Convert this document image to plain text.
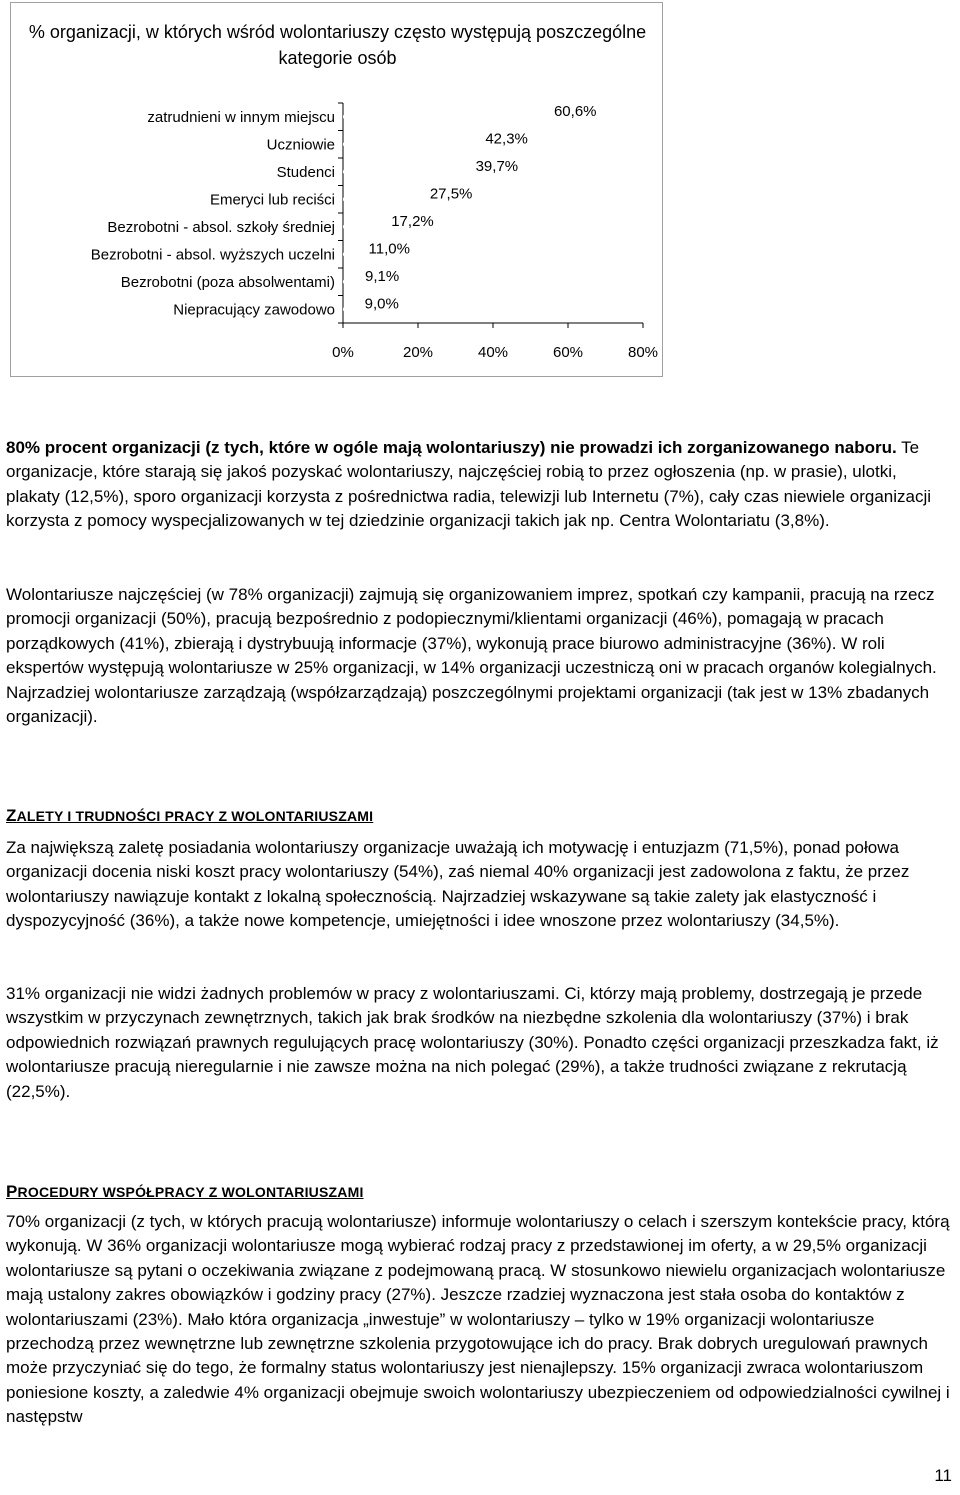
% organizacji, w których wśród wolontariuszy często występują poszczególne kategorie osób
0%	20%	40%	60%	80%
zatrudnieni w innym miejscu	60,6%
Uczniowie	42,3%
Studenci	39,7%
Emeryci lub reciści	27,5%
Bezrobotni - absol. szkoły średniej	17,2%
Bezrobotni - absol. wyższych uczelni 11,0%
Bezrobotni (poza absolwentami) 9,1%
Niepracujący zawodowo 9,0%

80% procent organizacji (z tych, które w ogóle mają wolontariuszy) nie prowadzi ich zorganizowanego naboru. Te organizacje, które starają się jakoś pozyskać wolontariuszy, najczęściej robią to przez ogłoszenia (np. w prasie), ulotki, plakaty (12,5%), sporo organizacji korzysta z pośrednictwa radia, telewizji lub Internetu (7%), cały czas niewiele organizacji korzysta z pomocy wyspecjalizowanych w tej dziedzinie organizacji takich jak np. Centra Wolontariatu (3,8%).

Wolontariusze najczęściej (w 78% organizacji) zajmują się organizowaniem imprez, spotkań czy kampanii, pracują na rzecz promocji organizacji (50%), pracują bezpośrednio z podopiecznymi/klientami organizacji (46%), pomagają w pracach porządkowych (41%), zbierają i dystrybuują informacje (37%), wykonują prace biurowo administracyjne (36%). W roli ekspertów występują wolontariusze w 25% organizacji, w 14% organizacji uczestniczą oni w pracach organów kolegialnych. Najrzadziej wolontariusze zarządzają (współzarządzają) poszczególnymi projektami organizacji (tak jest w 13% zbadanych organizacji).

ZALETY I TRUDNOŚCI PRACY Z WOLONTARIUSZAMI

Za największą zaletę posiadania wolontariuszy organizacje uważają ich motywację i entuzjazm (71,5%), ponad połowa organizacji docenia niski koszt pracy wolontariuszy (54%), zaś niemal 40% organizacji jest zadowolona z faktu, że przez wolontariuszy nawiązuje kontakt z lokalną społecznością. Najrzadziej wskazywane są takie zalety jak elastyczność i dyspozycyjność (36%), a także nowe kompetencje, umiejętności i idee wnoszone przez wolontariuszy (34,5%).

31% organizacji nie widzi żadnych problemów w pracy z wolontariuszami. Ci, którzy mają problemy, dostrzegają je przede wszystkim w przyczynach zewnętrznych, takich jak brak środków na niezbędne szkolenia dla wolontariuszy (37%) i brak odpowiednich rozwiązań prawnych regulujących pracę wolontariuszy (30%). Ponadto części organizacji przeszkadza fakt, iż wolontariusze pracują nieregularnie i nie zawsze można na nich polegać (29%), a także trudności związane z rekrutacją (22,5%).

PROCEDURY WSPÓŁPRACY Z WOLONTARIUSZAMI

70% organizacji (z tych, w których pracują wolontariusze) informuje wolontariuszy o celach i szerszym kontekście pracy, którą wykonują. W 36% organizacji wolontariusze mogą wybierać rodzaj pracy z przedstawionej im oferty, a w 29,5% organizacji wolontariusze są pytani o oczekiwania związane z podejmowaną pracą. W stosunkowo niewielu organizacjach wolontariusze mają ustalony zakres obowiązków i godziny pracy (27%). Jeszcze rzadziej wyznaczona jest stała osoba do kontaktów z wolontariuszami (23%). Mało która organizacja „inwestuje” w wolontariuszy – tylko w 19% organizacji wolontariusze przechodzą przez wewnętrzne lub zewnętrzne szkolenia przygotowujące ich do pracy. Brak dobrych uregulowań prawnych może przyczyniać się do tego, że formalny status wolontariuszy jest nienajlepszy. 15% organizacji zwraca wolontariuszom poniesione koszty, a zaledwie 4% organizacji obejmuje swoich wolontariuszy ubezpieczeniem od odpowiedzialności cywilnej i następstw

11
